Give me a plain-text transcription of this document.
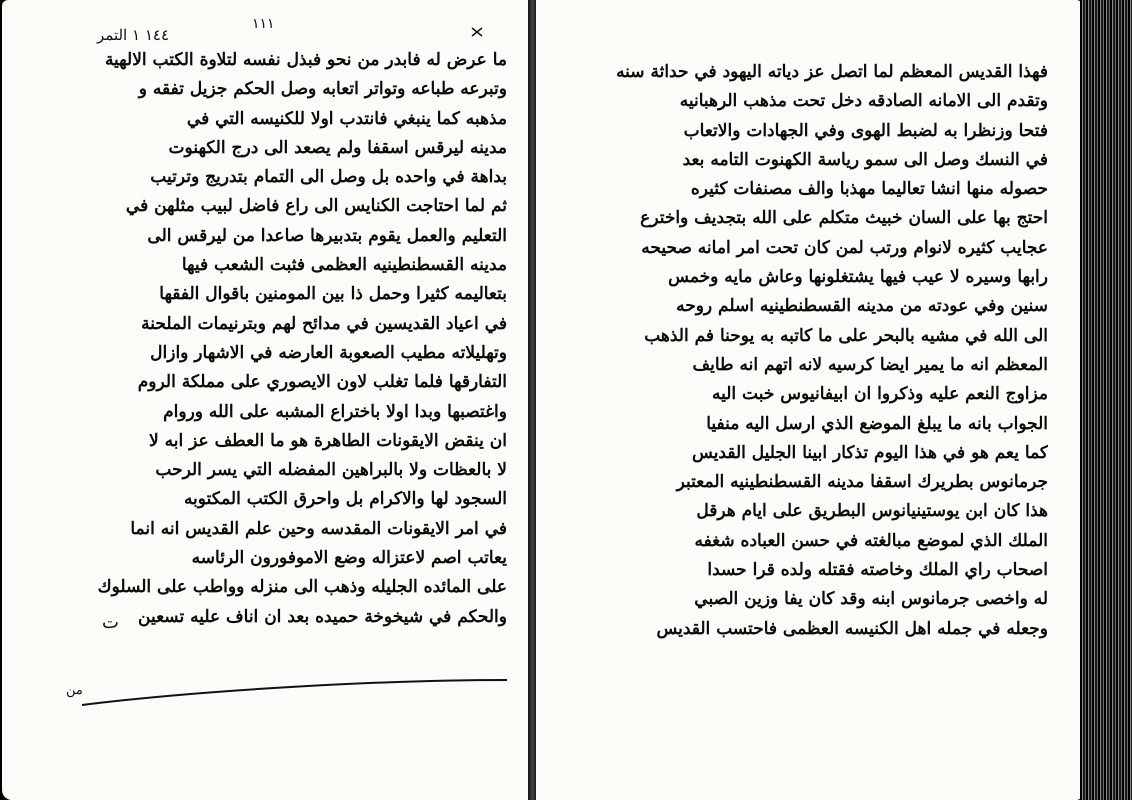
١٤٤ ١ التمر
١١١
ما عرض له فابدر من نحو فبذل نفسه لتلاوة الكتب الالهية
وتبرعه طباعه وتواتر اتعابه وصل الحكم جزيل تفقه و
مذهبه كما ينبغي فانتدب اولا للكنيسه التي في
مدينه ليرقس اسقفا ولم يصعد الى درج الكهنوت
بداهة في واحده بل وصل الى التمام بتدريج وترتيب
ثم لما احتاجت الكنايس الى راع فاضل لبيب مثلهن في
التعليم والعمل يقوم بتدبيرها صاعدا من ليرقس الى
مدينه القسطنطينيه العظمى فثبت الشعب فيها
بتعاليمه كثيرا وحمل ذا بين المومنين باقوال الفقها
في اعياد القديسين في مدائح لهم وبترنيمات الملحنة
وتهليلاته مطيب الصعوبة العارضه في الاشهار وازال
التفارقها فلما تغلب لاون الايصوري على مملكة الروم
واغتصبها وبدا اولا باختراع المشبه على الله وروام
ان ينقض الايقونات الطاهرة هو ما العطف عز ابه لا
لا بالعظات ولا بالبراهين المفضله التي يسر الرحب
السجود لها والاكرام بل واحرق الكتب المكتوبه
في امر الايقونات المقدسه وحين علم القديس انه انما
يعاتب اصم لاعتزاله وضع الاموفورون الرئاسه
على المائده الجليله وذهب الى منزله وواطب على السلوك
والحكم في شيخوخة حميده بعد ان اناف عليه تسعين
ت
من
فهذا القديس المعظم لما اتصل عز دياته اليهود في حداثة سنه
وتقدم الى الامانه الصادقه دخل تحت مذهب الرهبانيه
فتحا وزنظرا به لضبط الهوى وفي الجهادات والاتعاب
في النسك وصل الى سمو رياسة الكهنوت التامه بعد
حصوله منها انشا تعاليما مهذبا والف مصنفات كثيره
احتج بها على السان خبيث متكلم على الله بتجديف واخترع
عجايب كثيره لانوام ورتب لمن كان تحت امر امانه صحيحه
رابها وسيره لا عيب فيها يشتغلونها وعاش مايه وخمس
سنين وفي عودته من مدينه القسطنطينيه اسلم روحه
الى الله في مشيه بالبحر على ما كاتبه به يوحنا فم الذهب
المعظم انه ما يمير ايضا كرسيه لانه اتهم انه طايف
مزاوج النعم عليه وذكروا ان ابيفانيوس خبت اليه
الجواب بانه ما يبلغ الموضع الذي ارسل اليه منفيا
كما يعم هو في هذا اليوم تذكار ابينا الجليل القديس
جرمانوس بطريرك اسقفا مدينه القسطنطينيه المعتبر
هذا كان ابن يوستينيانوس البطريق على ايام هرقل
الملك الذي لموضع مبالغته في حسن العباده شغفه
اصحاب راي الملك وخاصته فقتله ولده قرا حسدا
له واخصى جرمانوس ابنه وقد كان يفا وزين الصبي
وجعله في جمله اهل الكنيسه العظمى فاحتسب القديس
